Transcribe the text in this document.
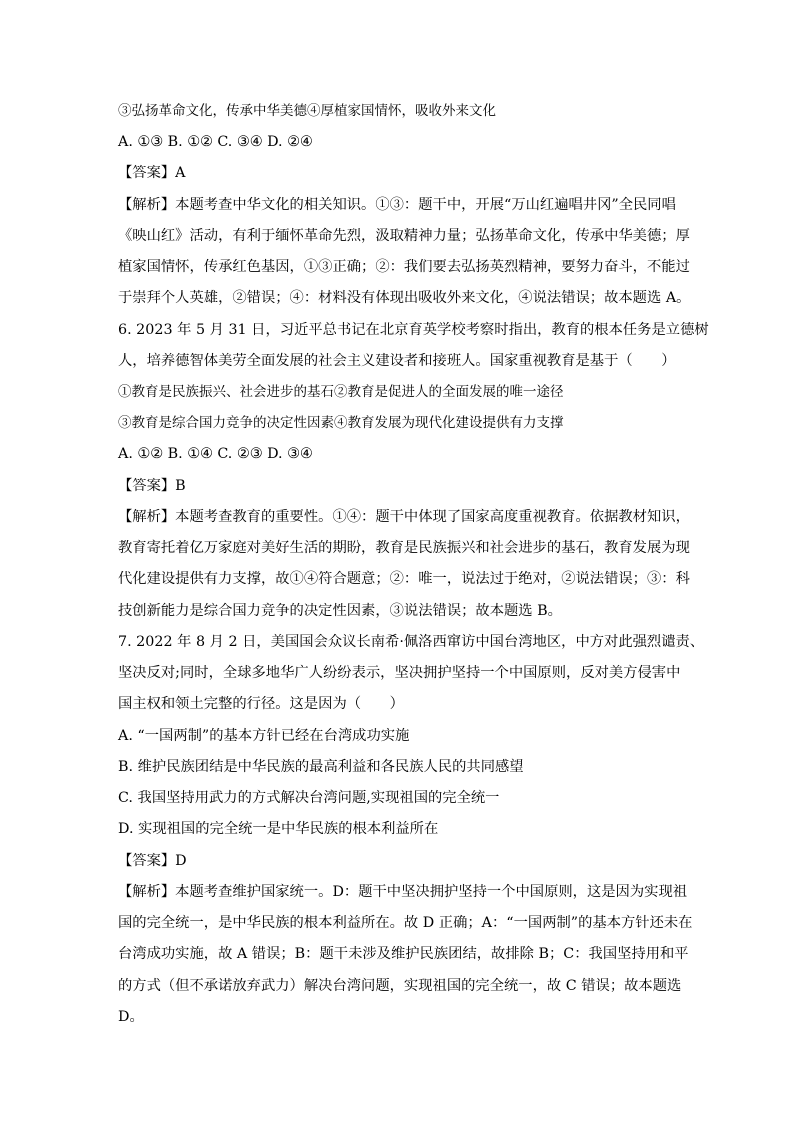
③弘扬革命文化，传承中华美德④厚植家国情怀，吸收外来文化
A. ①③ B. ①② C. ③④ D. ②④
【答案】A
【解析】本题考查中华文化的相关知识。①③：题干中，开展“万山红遍唱井冈”全民同唱
《映山红》活动，有利于缅怀革命先烈，汲取精神力量；弘扬革命文化，传承中华美德；厚
植家国情怀，传承红色基因，①③正确；②：我们要去弘扬英烈精神，要努力奋斗，不能过
于崇拜个人英雄，②错误；④：材料没有体现出吸收外来文化，④说法错误；故本题选 A。
6. 2023 年 5 月 31 日，习近平总书记在北京育英学校考察时指出，教育的根本任务是立德树
人，培养德智体美劳全面发展的社会主义建设者和接班人。国家重视教育是基于（　　）
①教育是民族振兴、社会进步的基石②教育是促进人的全面发展的唯一途径
③教育是综合国力竞争的决定性因素④教育发展为现代化建设提供有力支撑
A. ①② B. ①④ C. ②③ D. ③④
【答案】B
【解析】本题考查教育的重要性。①④：题干中体现了国家高度重视教育。依据教材知识，
教育寄托着亿万家庭对美好生活的期盼，教育是民族振兴和社会进步的基石，教育发展为现
代化建设提供有力支撑，故①④符合题意；②：唯一，说法过于绝对，②说法错误；③：科
技创新能力是综合国力竞争的决定性因素，③说法错误；故本题选 B。
7. 2022 年 8 月 2 日，美国国会众议长南希·佩洛西窜访中国台湾地区，中方对此强烈谴责、
坚决反对;同时，全球多地华广人纷纷表示，坚决拥护坚持一个中国原则，反对美方侵害中
国主权和领土完整的行径。这是因为（　　）
A. “一国两制”的基本方针已经在台湾成功实施
B. 维护民族团结是中华民族的最高利益和各民族人民的共同感望
C. 我国坚持用武力的方式解决台湾问题,实现祖国的完全统一
D. 实现祖国的完全统一是中华民族的根本利益所在
【答案】D
【解析】本题考查维护国家统一。D：题干中坚决拥护坚持一个中国原则，这是因为实现祖
国的完全统一，是中华民族的根本利益所在。故 D 正确；A：“一国两制”的基本方针还未在
台湾成功实施，故 A 错误；B：题干未涉及维护民族团结，故排除 B；C：我国坚持用和平
的方式（但不承诺放弃武力）解决台湾问题，实现祖国的完全统一，故 C 错误；故本题选
D。
